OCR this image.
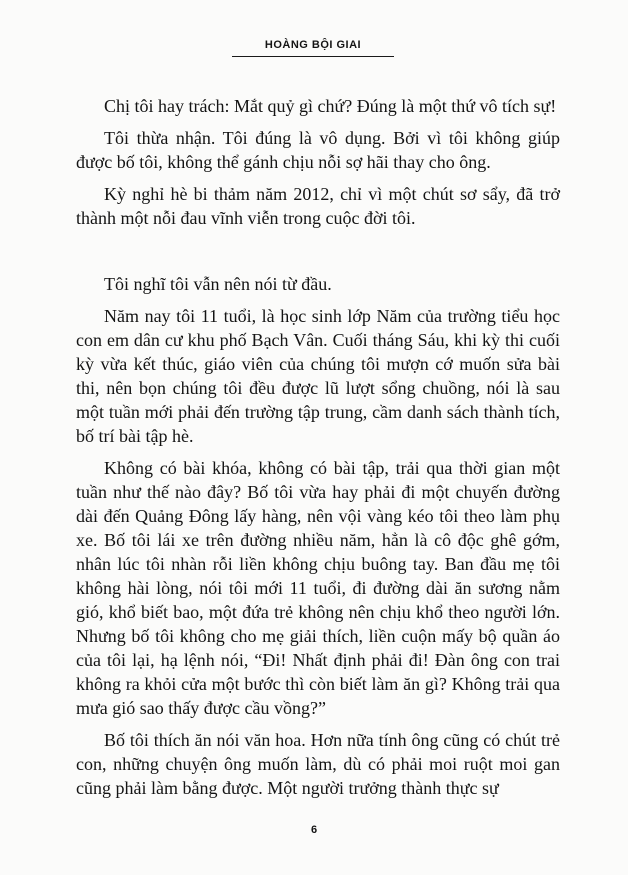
HOÀNG BỘI GIAI

Chị tôi hay trách: Mắt quỷ gì chứ? Đúng là một thứ vô tích sự!

Tôi thừa nhận. Tôi đúng là vô dụng. Bởi vì tôi không giúp được bố tôi, không thể gánh chịu nỗi sợ hãi thay cho ông.

Kỳ nghỉ hè bi thảm năm 2012, chỉ vì một chút sơ sẩy, đã trở thành một nỗi đau vĩnh viễn trong cuộc đời tôi.

Tôi nghĩ tôi vẫn nên nói từ đầu.

Năm nay tôi 11 tuổi, là học sinh lớp Năm của trường tiểu học con em dân cư khu phố Bạch Vân. Cuối tháng Sáu, khi kỳ thi cuối kỳ vừa kết thúc, giáo viên của chúng tôi mượn cớ muốn sửa bài thi, nên bọn chúng tôi đều được lũ lượt sổng chuồng, nói là sau một tuần mới phải đến trường tập trung, cầm danh sách thành tích, bố trí bài tập hè.

Không có bài khóa, không có bài tập, trải qua thời gian một tuần như thế nào đây? Bố tôi vừa hay phải đi một chuyến đường dài đến Quảng Đông lấy hàng, nên vội vàng kéo tôi theo làm phụ xe. Bố tôi lái xe trên đường nhiều năm, hẳn là cô độc ghê gớm, nhân lúc tôi nhàn rỗi liền không chịu buông tay. Ban đầu mẹ tôi không hài lòng, nói tôi mới 11 tuổi, đi đường dài ăn sương nằm gió, khổ biết bao, một đứa trẻ không nên chịu khổ theo người lớn. Nhưng bố tôi không cho mẹ giải thích, liền cuộn mấy bộ quần áo của tôi lại, hạ lệnh nói, “Đi! Nhất định phải đi! Đàn ông con trai không ra khỏi cửa một bước thì còn biết làm ăn gì? Không trải qua mưa gió sao thấy được cầu vồng?”

Bố tôi thích ăn nói văn hoa. Hơn nữa tính ông cũng có chút trẻ con, những chuyện ông muốn làm, dù có phải moi ruột moi gan cũng phải làm bằng được. Một người trưởng thành thực sự

6
